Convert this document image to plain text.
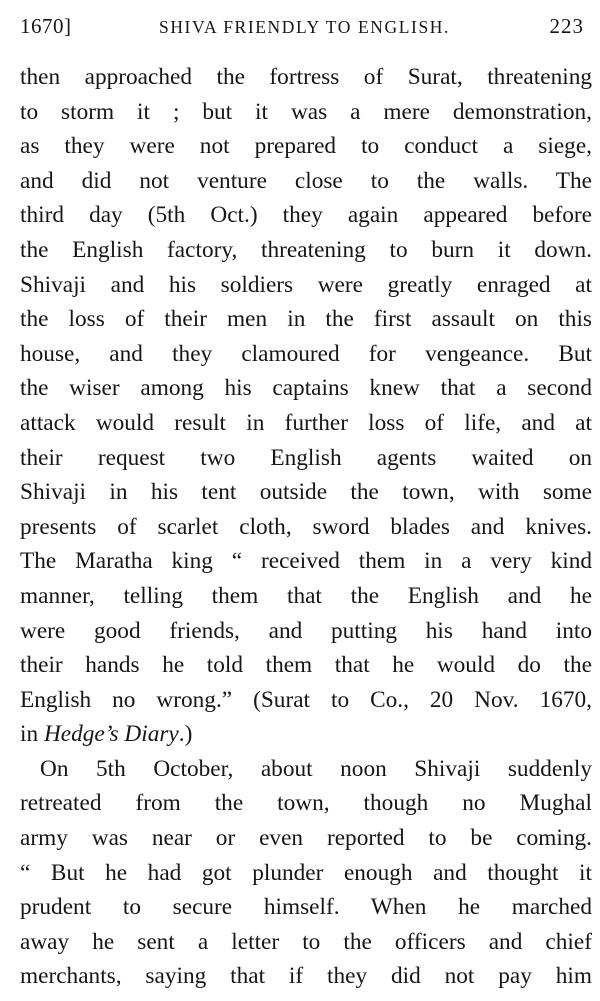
1670]	SHIVA FRIENDLY TO ENGLISH.	223
then approached the fortress of Surat, threatening
to storm it ; but it was a mere demonstration,
as they were not prepared to conduct a siege,
and did not venture close to the walls. The
third day (5th Oct.) they again appeared before
the English factory, threatening to burn it down.
Shivaji and his soldiers were greatly enraged at
the loss of their men in the first assault on this
house, and they clamoured for vengeance. But
the wiser among his captains knew that a second
attack would result in further loss of life, and at
their request two English agents waited on
Shivaji in his tent outside the town, with some
presents of scarlet cloth, sword blades and knives.
The Maratha king “ received them in a very kind
manner, telling them that the English and he
were good friends, and putting his hand into
their hands he told them that he would do the
English no wrong.” (Surat to Co., 20 Nov. 1670,
in Hedge’s Diary.)
On 5th October, about noon Shivaji suddenly
retreated from the town, though no Mughal
army was near or even reported to be coming.
“ But he had got plunder enough and thought it
prudent to secure himself. When he marched
away he sent a letter to the officers and chief
merchants, saying that if they did not pay him
